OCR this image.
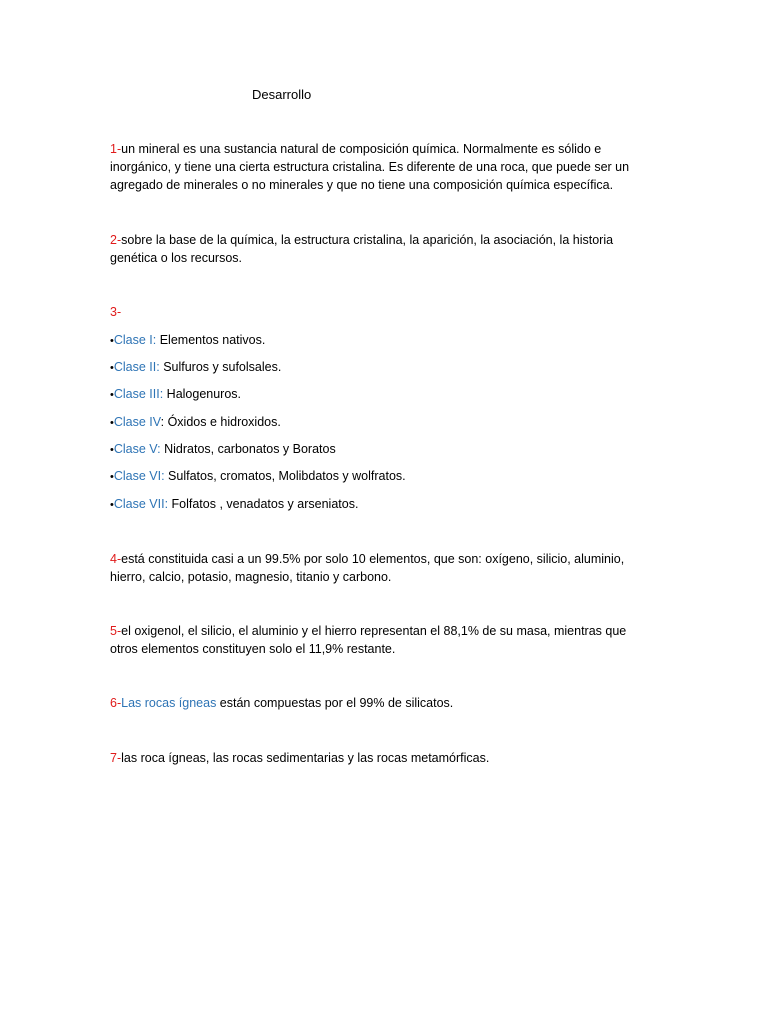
Desarrollo
1-un mineral es una sustancia natural de composición química. Normalmente es sólido e
inorgánico, y tiene una cierta estructura cristalina. Es diferente de una roca, que puede ser un
agregado de minerales o no minerales y que no tiene una composición química específica.
2-sobre la base de la química, la estructura cristalina, la aparición, la asociación, la historia
genética o los recursos.
3-
•Clase I: Elementos nativos.
•Clase II: Sulfuros y sufolsales.
•Clase III: Halogenuros.
•Clase IV: Óxidos e hidroxidos.
•Clase V: Nidratos, carbonatos y Boratos
•Clase VI: Sulfatos, cromatos, Molibdatos y wolfratos.
•Clase VII: Folfatos , venadatos y arseniatos.
4-está constituida casi a un 99.5% por solo 10 elementos, que son: oxígeno, silicio, aluminio,
hierro, calcio, potasio, magnesio, titanio y carbono.
5-el oxigenol, el silicio, el aluminio y el hierro representan el 88,1% de su masa, mientras que
otros elementos constituyen solo el 11,9% restante.
6-Las rocas ígneas están compuestas por el 99% de silicatos.
7-las roca ígneas, las rocas sedimentarias y las rocas metamórficas.
